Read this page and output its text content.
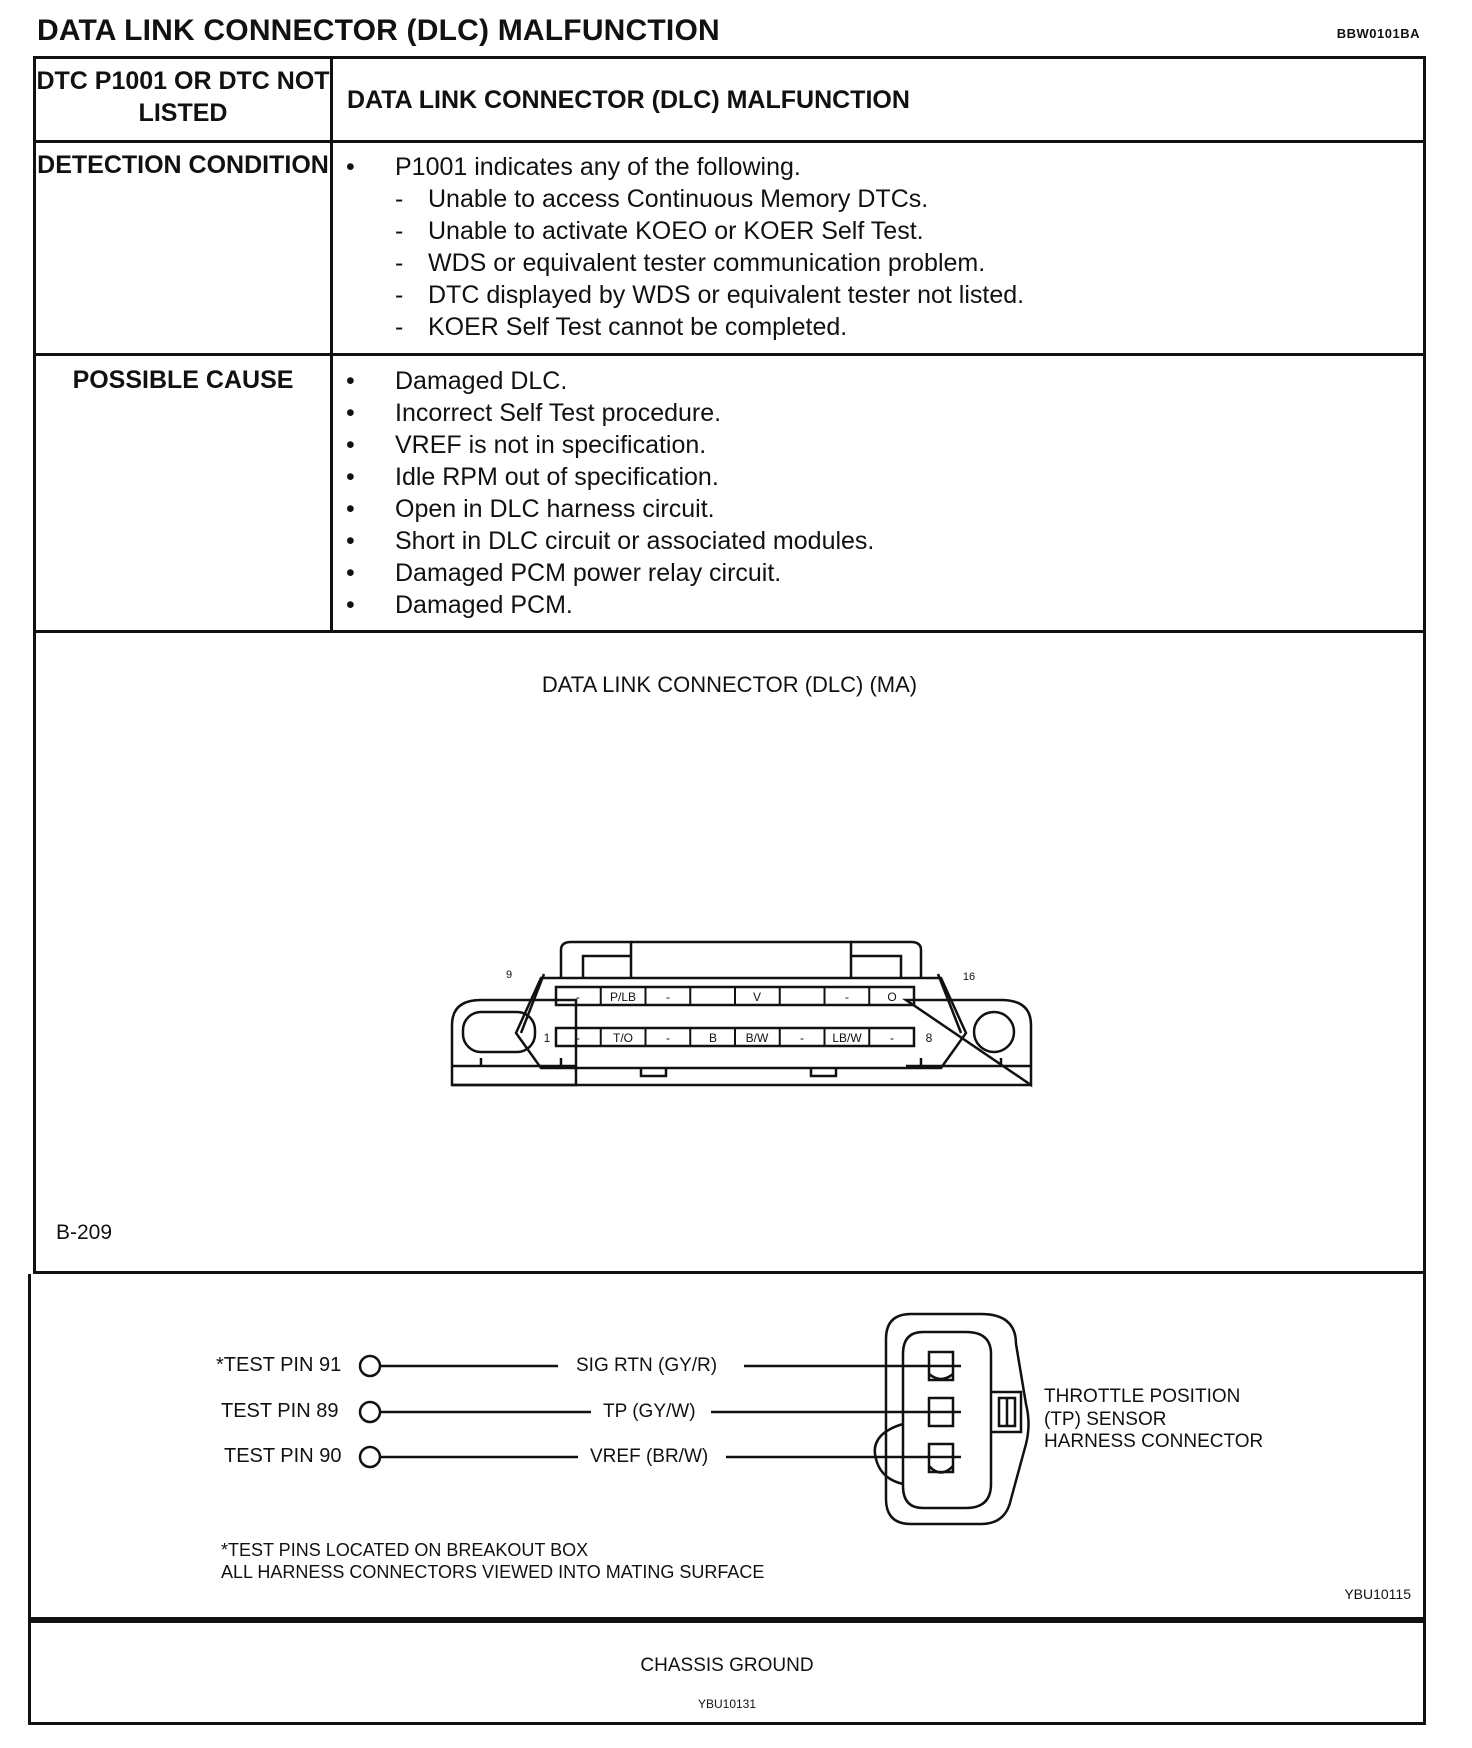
DATA LINK CONNECTOR (DLC) MALFUNCTION	BBW0101BA
DTC P1001 OR DTC NOT LISTED	DATA LINK CONNECTOR (DLC) MALFUNCTION
DETECTION CONDITION • P1001 indicates any of the following.
- Unable to access Continuous Memory DTCs.
- Unable to activate KOEO or KOER Self Test.
- WDS or equivalent tester communication problem.
- DTC displayed by WDS or equivalent tester not listed.
- KOER Self Test cannot be completed.
POSSIBLE CAUSE	• Damaged DLC.
• Incorrect Self Test procedure.
• VREF is not in specification.
• Idle RPM out of specification.
• Open in DLC harness circuit.
• Short in DLC circuit or associated modules.
• Damaged PCM power relay circuit.
• Damaged PCM.
DATA LINK CONNECTOR (DLC) (MA)
- P/LB -	V	-	O
-	T/O	-	B B/W	- LB/W -
9	16
1	8
B-209
*TEST PIN 91
TEST PIN 89
TEST PIN 90
SIG RTN (GY/R)
TP (GY/W)
VREF (BR/W)
THROTTLE POSITION
(TP) SENSOR
HARNESS CONNECTOR
*TEST PINS LOCATED ON BREAKOUT BOX
ALL HARNESS CONNECTORS VIEWED INTO MATING SURFACE
YBU10115
CHASSIS GROUND
YBU10131
